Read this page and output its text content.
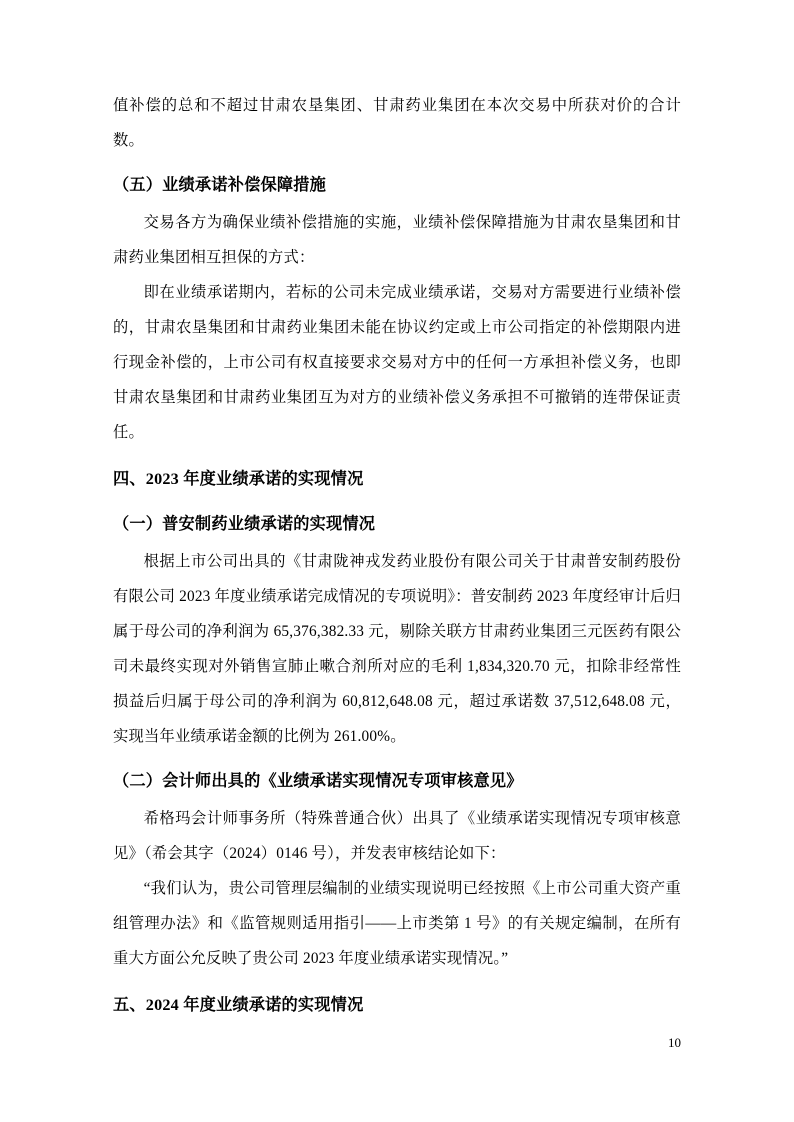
值补偿的总和不超过甘肃农垦集团、甘肃药业集团在本次交易中所获对价的合计数。

（五）业绩承诺补偿保障措施

交易各方为确保业绩补偿措施的实施，业绩补偿保障措施为甘肃农垦集团和甘肃药业集团相互担保的方式：

即在业绩承诺期内，若标的公司未完成业绩承诺，交易对方需要进行业绩补偿的，甘肃农垦集团和甘肃药业集团未能在协议约定或上市公司指定的补偿期限内进行现金补偿的，上市公司有权直接要求交易对方中的任何一方承担补偿义务，也即甘肃农垦集团和甘肃药业集团互为对方的业绩补偿义务承担不可撤销的连带保证责任。

四、2023 年度业绩承诺的实现情况
（一）普安制药业绩承诺的实现情况

根据上市公司出具的《甘肃陇神戎发药业股份有限公司关于甘肃普安制药股份有限公司 2023 年度业绩承诺完成情况的专项说明》：普安制药 2023 年度经审计后归属于母公司的净利润为 65,376,382.33 元，剔除关联方甘肃药业集团三元医药有限公司未最终实现对外销售宣肺止嗽合剂所对应的毛利 1,834,320.70 元，扣除非经常性损益后归属于母公司的净利润为 60,812,648.08 元，超过承诺数 37,512,648.08 元，实现当年业绩承诺金额的比例为 261.00%。

（二）会计师出具的《业绩承诺实现情况专项审核意见》

希格玛会计师事务所（特殊普通合伙）出具了《业绩承诺实现情况专项审核意见》（希会其字（2024）0146 号），并发表审核结论如下：

“我们认为，贵公司管理层编制的业绩实现说明已经按照《上市公司重大资产重组管理办法》和《监管规则适用指引——上市类第 1 号》的有关规定编制，在所有重大方面公允反映了贵公司 2023 年度业绩承诺实现情况。”

五、2024 年度业绩承诺的实现情况
10
